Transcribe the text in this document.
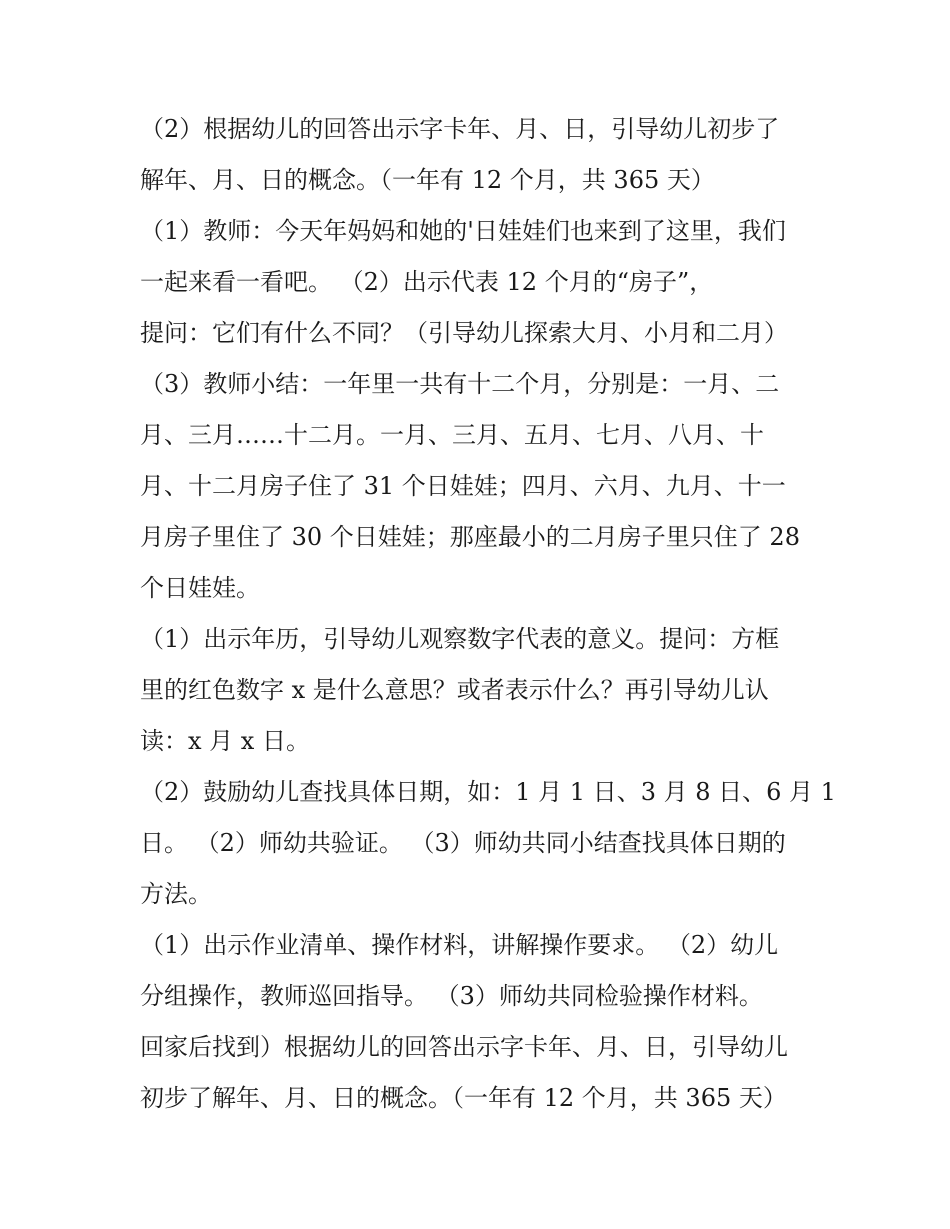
（2）根据幼儿的回答出示字卡年、月、日，引导幼儿初步了
解年、月、日的概念。（一年有 12 个月，共 365 天）
（1）教师：今天年妈妈和她的'日娃娃们也来到了这里，我们
一起来看一看吧。 （2）出示代表 12 个月的“房子”，
提问：它们有什么不同？（引导幼儿探索大月、小月和二月）
（3）教师小结：一年里一共有十二个月，分别是：一月、二
月、三月……十二月。一月、三月、五月、七月、八月、十
月、十二月房子住了 31 个日娃娃；四月、六月、九月、十一
月房子里住了 30 个日娃娃；那座最小的二月房子里只住了 28
个日娃娃。
（1）出示年历，引导幼儿观察数字代表的意义。提问：方框
里的红色数字 x 是什么意思？或者表示什么？再引导幼儿认
读：x 月 x 日。
（2）鼓励幼儿查找具体日期，如：1 月 1 日、3 月 8 日、6 月 1
日。 （2）师幼共验证。 （3）师幼共同小结查找具体日期的
方法。
（1）出示作业清单、操作材料，讲解操作要求。 （2）幼儿
分组操作，教师巡回指导。 （3）师幼共同检验操作材料。
回家后找到）根据幼儿的回答出示字卡年、月、日，引导幼儿
初步了解年、月、日的概念。（一年有 12 个月，共 365 天）
